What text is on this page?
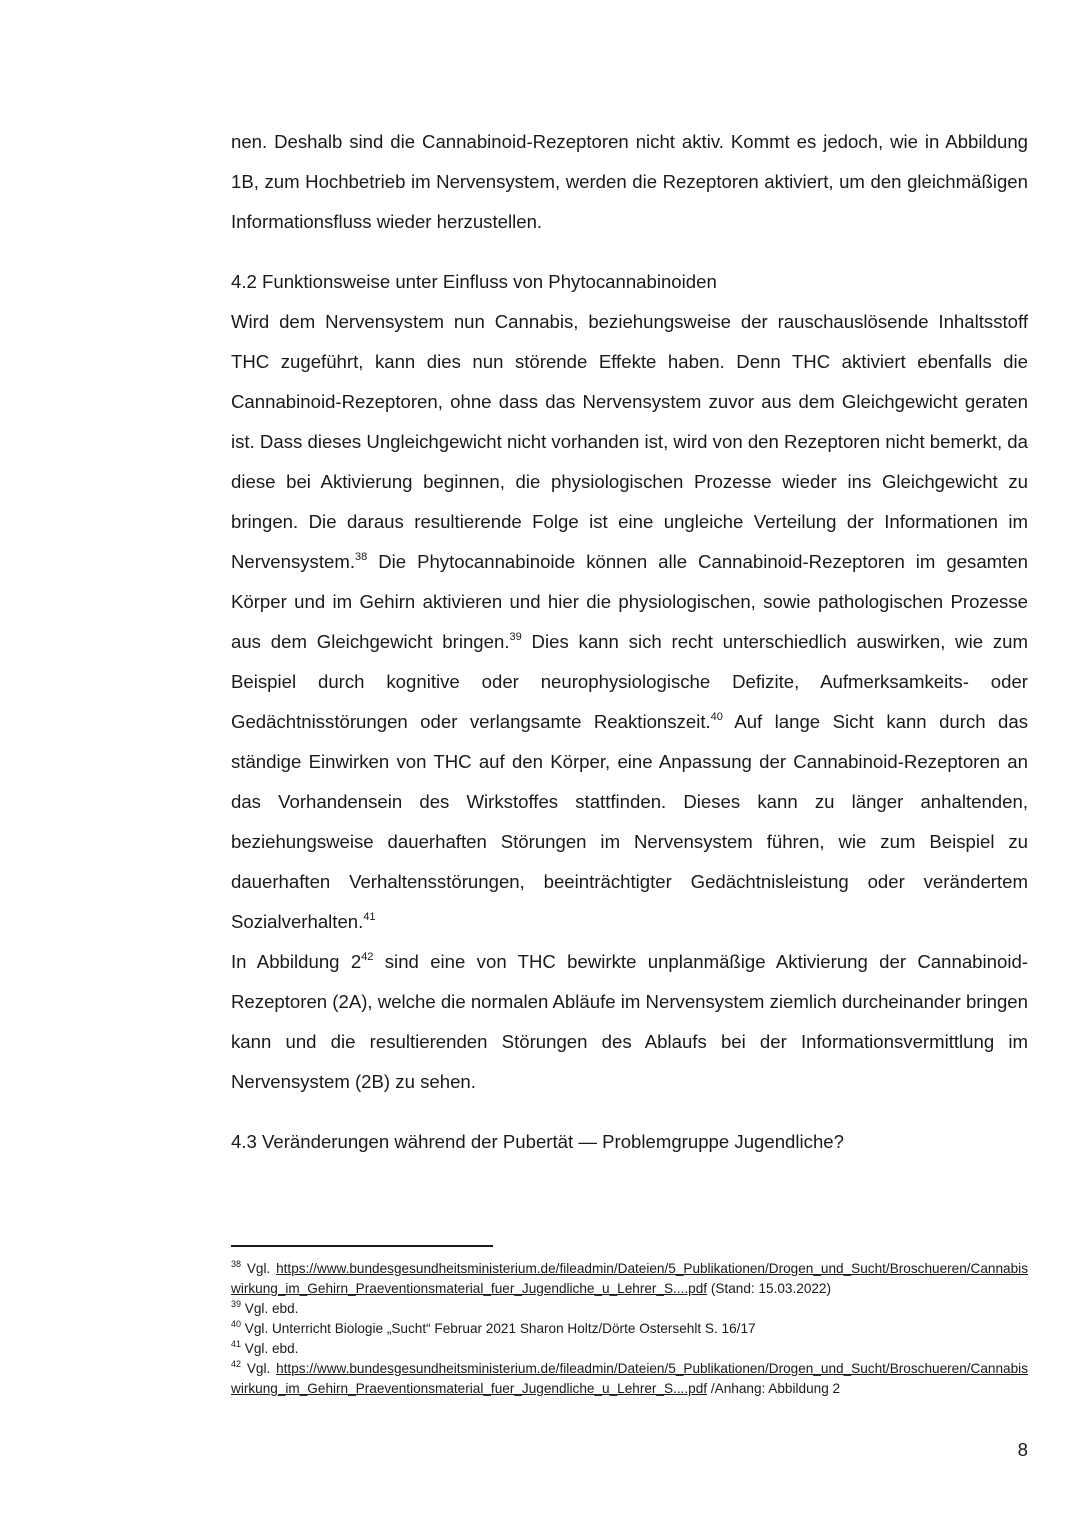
nen. Deshalb sind die Cannabinoid-Rezeptoren nicht aktiv. Kommt es jedoch, wie in Abbildung 1B, zum Hochbetrieb im Nervensystem, werden die Rezeptoren aktiviert, um den gleichmäßigen Informationsfluss wieder herzustellen.

4.2 Funktionsweise unter Einfluss von Phytocannabinoiden

Wird dem Nervensystem nun Cannabis, beziehungsweise der rauschauslösende Inhaltsstoff THC zugeführt, kann dies nun störende Effekte haben. Denn THC aktiviert ebenfalls die Cannabinoid-Rezeptoren, ohne dass das Nervensystem zuvor aus dem Gleichgewicht geraten ist. Dass dieses Ungleichgewicht nicht vorhanden ist, wird von den Rezeptoren nicht bemerkt, da diese bei Aktivierung beginnen, die physiologischen Prozesse wieder ins Gleichgewicht zu bringen. Die daraus resultierende Folge ist eine ungleiche Verteilung der Informationen im Nervensystem.$^{38}$ Die Phytocannabinoide können alle Cannabinoid-Rezeptoren im gesamten Körper und im Gehirn aktivieren und hier die physiologischen, sowie pathologischen Prozesse aus dem Gleichgewicht bringen.$^{39}$ Dies kann sich recht unterschiedlich auswirken, wie zum Beispiel durch kognitive oder neurophysiologische Defizite, Aufmerksamkeits- oder Gedächtnisstörungen oder verlangsamte Reaktionszeit.$^{40}$ Auf lange Sicht kann durch das ständige Einwirken von THC auf den Körper, eine Anpassung der Cannabinoid-Rezeptoren an das Vorhandensein des Wirkstoffes stattfinden. Dieses kann zu länger anhaltenden, beziehungsweise dauerhaften Störungen im Nervensystem führen, wie zum Beispiel zu dauerhaften Verhaltensstörungen, beeinträchtigter Gedächtnisleistung oder verändertem Sozialverhalten.$^{41}$

In Abbildung $2^{42}$ sind eine von THC bewirkte unplanmäßige Aktivierung der Cannabinoid-Rezeptoren (2A), welche die normalen Abläufe im Nervensystem ziemlich durcheinander bringen kann und die resultierenden Störungen des Ablaufs bei der Informationsvermittlung im Nervensystem (2B) zu sehen.

4.3 Veränderungen während der Pubertät — Problemgruppe Jugendliche?

$^{38}$ Vgl. https://www.bundesgesundheitsministerium.de/fileadmin/Dateien/5_Publikationen/Drogen_und_Sucht/Broschueren/Cannabiswirkung_im_Gehirn_Praeventionsmaterial_fuer_Jugendliche_u_Lehrer_S....pdf (Stand: 15.03.2022)

$^{39}$ Vgl. ebd.

$^{40}$ Vgl. Unterricht Biologie „Sucht“ Februar 2021 Sharon Holtz/Dörte Ostersehlt S. 16/17

$^{41}$ Vgl. ebd.

$^{42}$ Vgl. https://www.bundesgesundheitsministerium.de/fileadmin/Dateien/5_Publikationen/Drogen_und_Sucht/Broschueren/Cannabiswirkung_im_Gehirn_Praeventionsmaterial_fuer_Jugendliche_u_Lehrer_S....pdf /Anhang: Abbildung 2

8
